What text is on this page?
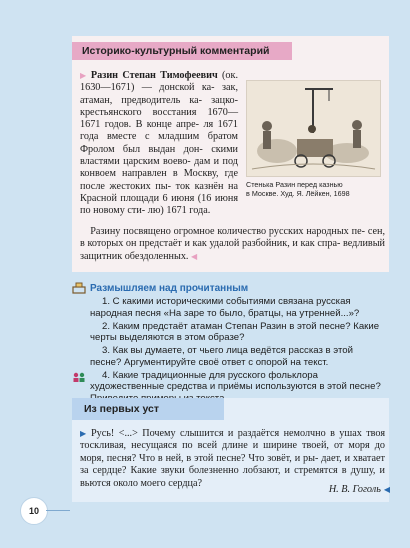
Историко-культурный комментарий

▶ Разин Степан Тимофеевич (ок. 1630—1671) — донской ка- зак, атаман, предводитель ка- зацко-крестьянского восстания 1670—1671 годов. В конце апре- ля 1671 года вместе с младшим братом Фролом был выдан дон- скими властями царским воево- дам и под конвоем направлен в Москву, где после жестоких пы- ток казнён на Красной площади 6 июня (16 июня по новому сти- лю) 1671 года.

Стенька Разин перед казнью
в Москве. Худ. Я. Лёйкен, 1698

 Разину посвящено огромное количество русских народных пе- сен, в которых он предстаёт и как удалой разбойник, и как спра- ведливый защитник обездоленных. ◀

Размышляем над прочитанным

1. С какими историческими событиями связана русская народная песня «На заре то было, братцы, на утренней...»?
2. Каким предстаёт атаман Степан Разин в этой песне? Какие черты выделяются в этом образе?
3. Как вы думаете, от чьего лица ведётся рассказ в этой песне? Аргументируйте своё ответ с опорой на текст.
4. Какие традиционные для русского фольклора художественные средства и приёмы используются в этой песне?
Из первых уст

▶ Русь! <...> Почему слышится и раздаётся немолчно в ушах твоя тоскливая, несущаяся по всей длине и ширине твоей, от моря до моря, песня? Что в ней, в этой песне? Что зовёт, и ры- дает, и хватает за сердце? Какие звуки болезненно лобзают, и стремятся в душу, и вьются около моего сердца?

Н. В. Гоголь ◀

10
